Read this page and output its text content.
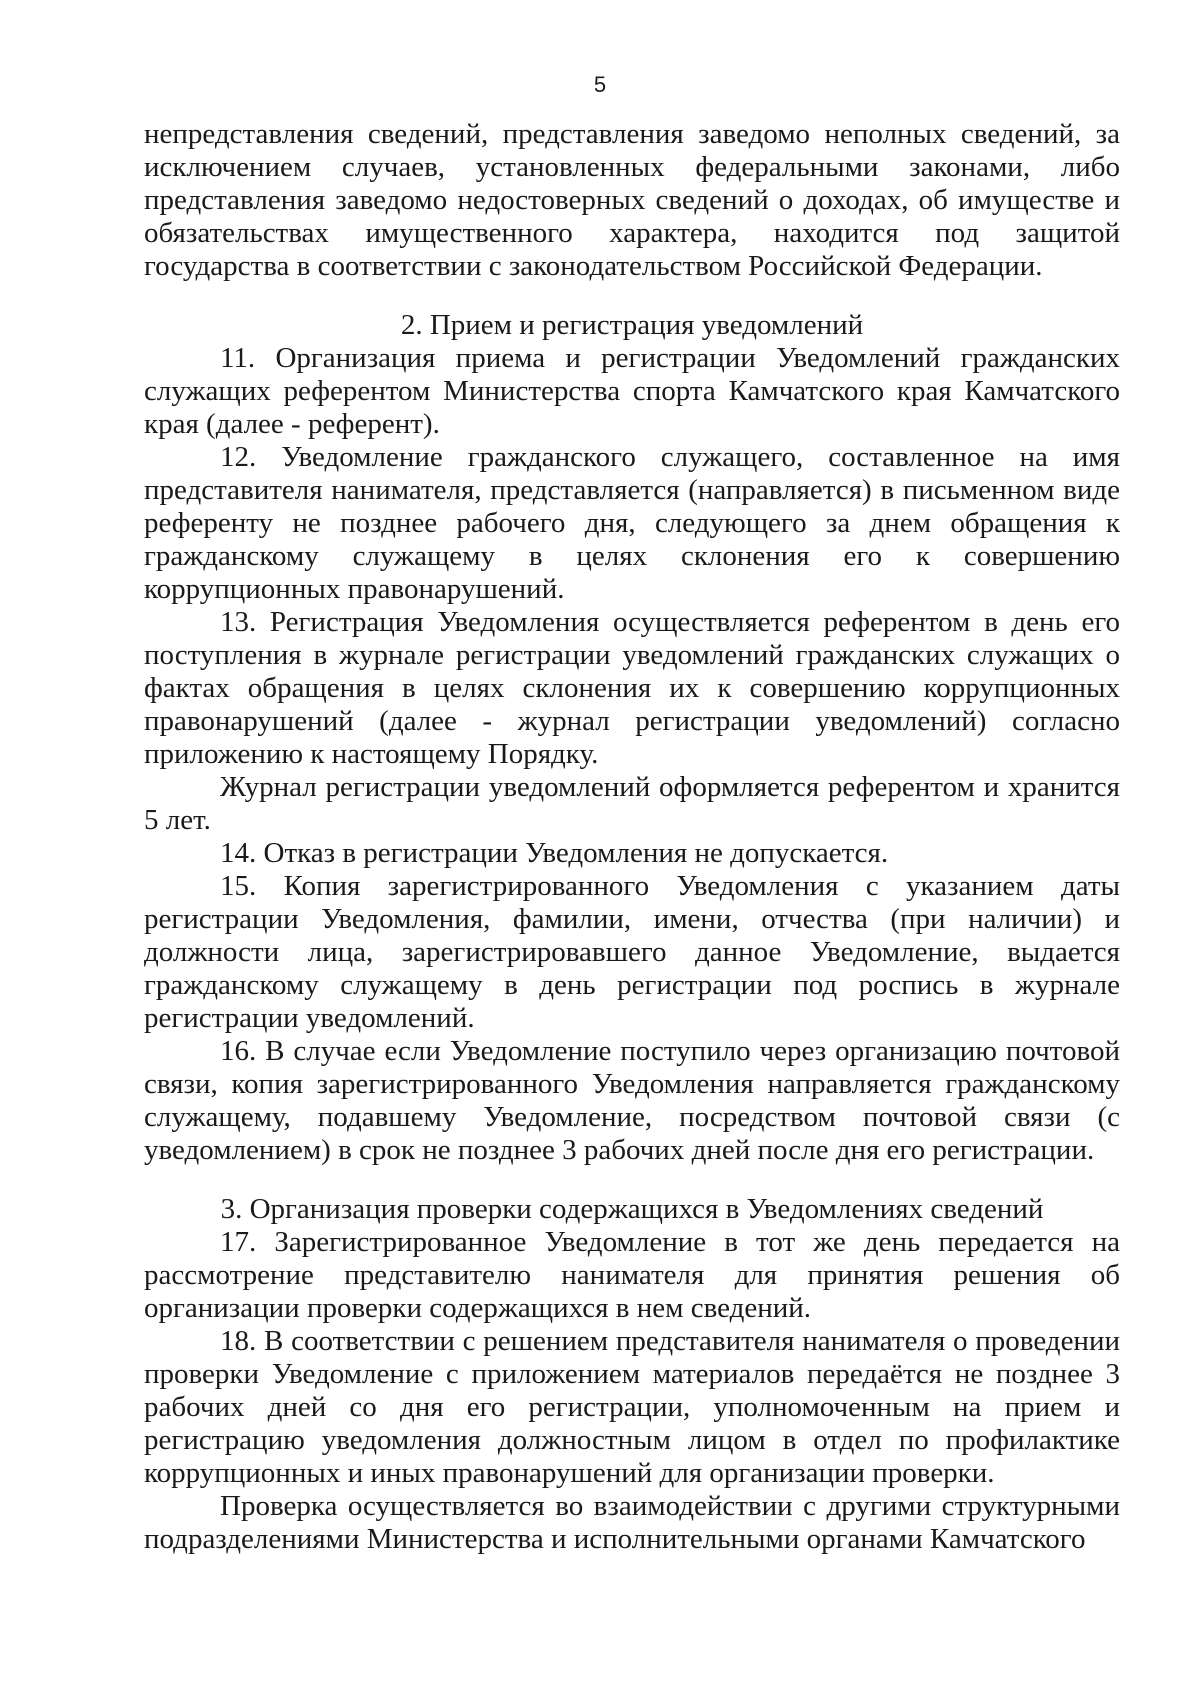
5

непредставления сведений, представления заведомо неполных сведений, за исключением случаев, установленных федеральными законами, либо представления заведомо недостоверных сведений о доходах, об имуществе и обязательствах имущественного характера, находится под защитой государства в соответствии с законодательством Российской Федерации.

2. Прием и регистрация уведомлений

11. Организация приема и регистрации Уведомлений гражданских служащих референтом Министерства спорта Камчатского края Камчатского края (далее - референт).

12. Уведомление гражданского служащего, составленное на имя представителя нанимателя, представляется (направляется) в письменном виде референту не позднее рабочего дня, следующего за днем обращения к гражданскому служащему в целях склонения его к совершению коррупционных правонарушений.

13. Регистрация Уведомления осуществляется референтом в день его поступления в журнале регистрации уведомлений гражданских служащих о фактах обращения в целях склонения их к совершению коррупционных правонарушений (далее - журнал регистрации уведомлений) согласно приложению к настоящему Порядку.

Журнал регистрации уведомлений оформляется референтом и хранится 5 лет.

14. Отказ в регистрации Уведомления не допускается.

15. Копия зарегистрированного Уведомления с указанием даты регистрации Уведомления, фамилии, имени, отчества (при наличии) и должности лица, зарегистрировавшего данное Уведомление, выдается гражданскому служащему в день регистрации под роспись в журнале регистрации уведомлений.

16. В случае если Уведомление поступило через организацию почтовой связи, копия зарегистрированного Уведомления направляется гражданскому служащему, подавшему Уведомление, посредством почтовой связи (с уведомлением) в срок не позднее 3 рабочих дней после дня его регистрации.

3. Организация проверки содержащихся в Уведомлениях сведений

17. Зарегистрированное Уведомление в тот же день передается на рассмотрение представителю нанимателя для принятия решения об организации проверки содержащихся в нем сведений.

18. В соответствии с решением представителя нанимателя о проведении проверки Уведомление с приложением материалов передаётся не позднее 3 рабочих дней со дня его регистрации, уполномоченным на прием и регистрацию уведомления должностным лицом в отдел по профилактике коррупционных и иных правонарушений для организации проверки.

Проверка осуществляется во взаимодействии с другими структурными подразделениями Министерства и исполнительными органами Камчатского
